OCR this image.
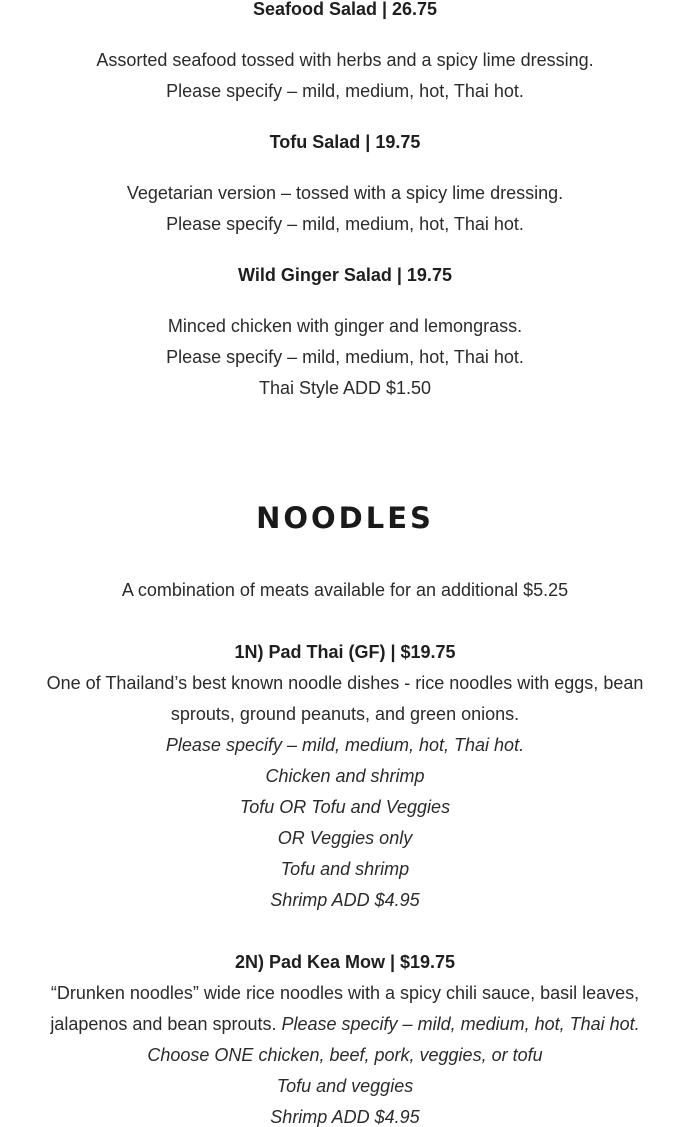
Seafood Salad | 26.75
Assorted seafood tossed with herbs and a spicy lime dressing.
Please specify – mild, medium, hot, Thai hot.
Tofu Salad | 19.75
Vegetarian version – tossed with a spicy lime dressing.
Please specify – mild, medium, hot, Thai hot.
Wild Ginger Salad | 19.75
Minced chicken with ginger and lemongrass.
Please specify – mild, medium, hot, Thai hot.
Thai Style ADD $1.50
NOODLES
A combination of meats available for an additional $5.25
1N) Pad Thai (GF) | $19.75
One of Thailand’s best known noodle dishes - rice noodles with eggs, bean
sprouts, ground peanuts, and green onions.
Please specify – mild, medium, hot, Thai hot.
Chicken and shrimp
Tofu OR Tofu and Veggies
OR Veggies only
Tofu and shrimp
Shrimp ADD $4.95
2N) Pad Kea Mow | $19.75
“Drunken noodles” wide rice noodles with a spicy chili sauce, basil leaves,
jalapenos and bean sprouts. Please specify – mild, medium, hot, Thai hot.
Choose ONE chicken, beef, pork, veggies, or tofu
Tofu and veggies
Shrimp ADD $4.95
